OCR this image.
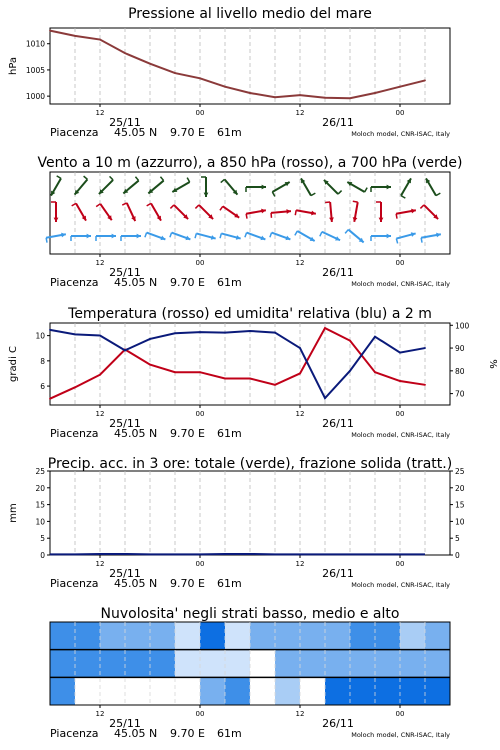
Pressione al livello medio del mare
1000
1005
1010
hPa
12	00	12	00
25/11	26/11
Piacenza 45.05 N 9.70 E 61m	Moloch model, CNR-ISAC, Italy
Vento a 10 m (azzurro), a 850 hPa (rosso), a 700 hPa (verde)
12	00	12	00
25/11	26/11
Piacenza 45.05 N 9.70 E 61m	Moloch model, CNR-ISAC, Italy
Temperatura (rosso) ed umidita' relativa (blu) a 2 m
6
8
10
70
80
90
100
gradi C	%
12	00	12	00
25/11	26/11
Piacenza 45.05 N 9.70 E 61m	Moloch model, CNR-ISAC, Italy
Precip. acc. in 3 ore: totale (verde), frazione solida (tratt.)
0	0
5	5
10	10
15	15
20	20
25	25
mm
12	00	12	00
25/11	26/11
Piacenza 45.05 N 9.70 E 61m	Moloch model, CNR-ISAC, Italy
Nuvolosita' negli strati basso, medio e alto
12	00	12	00
25/11	26/11
Piacenza 45.05 N 9.70 E 61m	Moloch model, CNR-ISAC, Italy
